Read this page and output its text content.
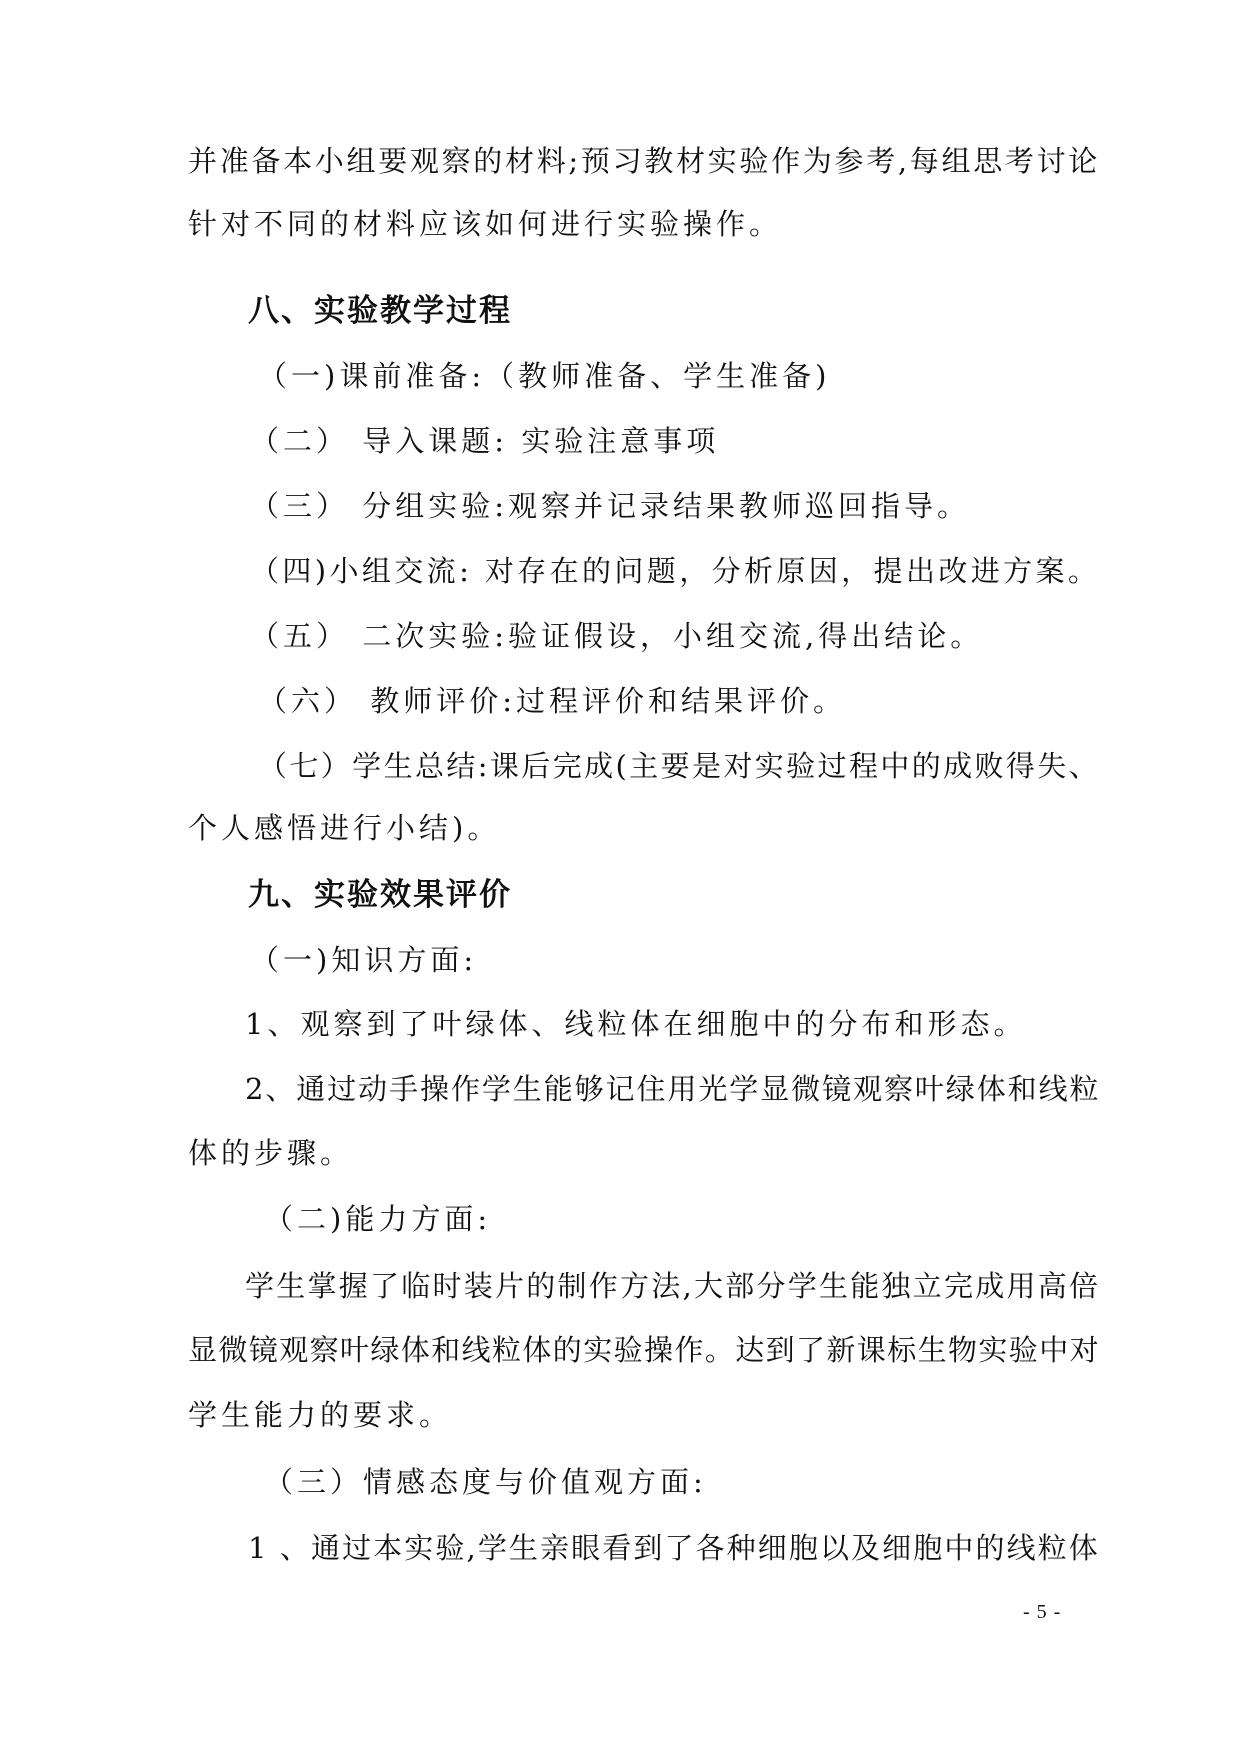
并准备本小组要观察的材料;预习教材实验作为参考,每组思考讨论
针对不同的材料应该如何进行实验操作。
八、实验教学过程
（一)课前准备:（教师准备、学生准备)
（二） 导入课题: 实验注意事项
（三） 分组实验:观察并记录结果教师巡回指导。
（四)小组交流: 对存在的问题，分析原因，提出改进方案。
（五） 二次实验:验证假设，小组交流,得出结论。
（六） 教师评价:过程评价和结果评价。
（七）学生总结:课后完成(主要是对实验过程中的成败得失、
个人感悟进行小结)。
九、实验效果评价
（一)知识方面:
1、观察到了叶绿体、线粒体在细胞中的分布和形态。
2、通过动手操作学生能够记住用光学显微镜观察叶绿体和线粒
体的步骤。
（二)能力方面:
学生掌握了临时装片的制作方法,大部分学生能独立完成用高倍
显微镜观察叶绿体和线粒体的实验操作。达到了新课标生物实验中对
学生能力的要求。
（三）情感态度与价值观方面:
1 、通过本实验,学生亲眼看到了各种细胞以及细胞中的线粒体
- 5 -
